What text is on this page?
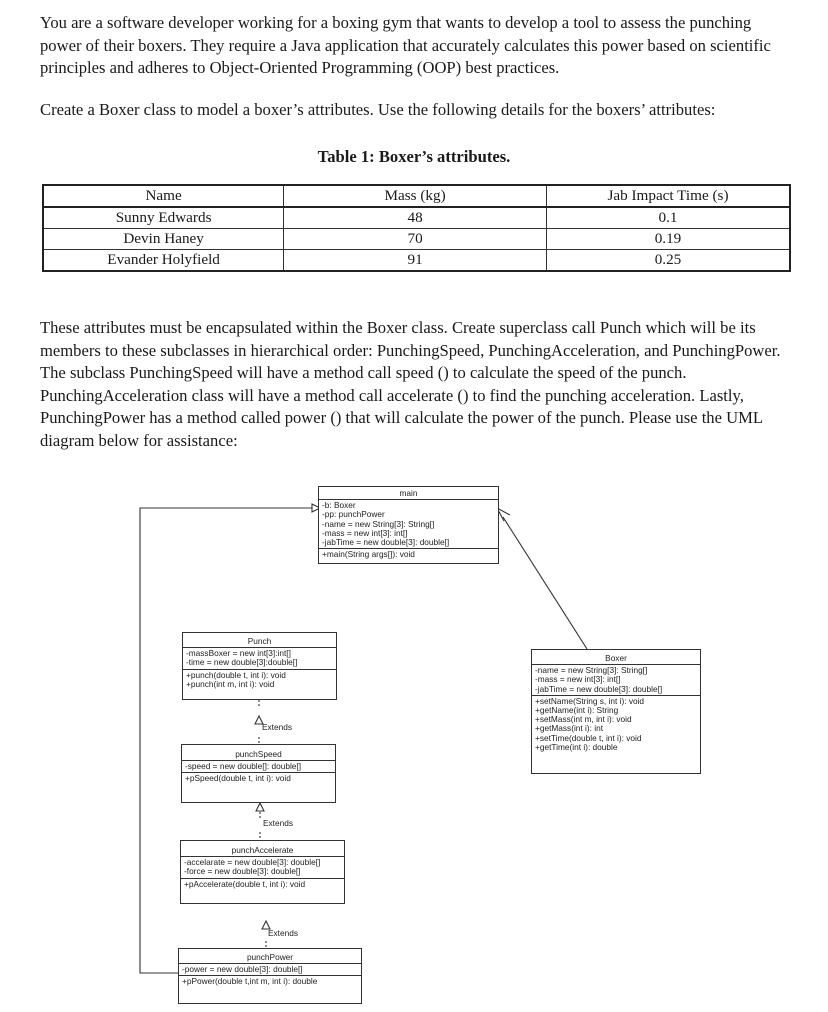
You are a software developer working for a boxing gym that wants to develop a tool to assess the punching power of their boxers. They require a Java application that accurately calculates this power based on scientific principles and adheres to Object-Oriented Programming (OOP) best practices.

Create a Boxer class to model a boxer’s attributes. Use the following details for the boxers’ attributes:

Table 1: Boxer’s attributes.
Name	Mass (kg)	Jab Impact Time (s)
Sunny Edwards	48	0.1
Devin Haney	70	0.19
Evander Holyfield	91	0.25

These attributes must be encapsulated within the Boxer class. Create superclass call Punch which will be its members to these subclasses in hierarchical order: PunchingSpeed, PunchingAcceleration, and PunchingPower. The subclass PunchingSpeed will have a method call speed () to calculate the speed of the punch. PunchingAcceleration class will have a method call accelerate () to find the punching acceleration. Lastly, PunchingPower has a method called power () that will calculate the power of the punch. Please use the UML diagram below for assistance:

main
-b: Boxer
-pp: punchPower
-name = new String[3]: String[]
-mass = new int[3]: int[]
-jabTime = new double[3]: double[]
+main(String args[]): void
Punch
-massBoxer = new int[3]:int[]
-time = new double[3]:double[]
+punch(double t, int i): void
+punch(int m, int i): void
Boxer
-name = new String[3]: String[]
-mass = new int[3]: int[]
-jabTime = new double[3]: double[]
+setName(String s, int i): void
+getName(int i): String
+setMass(int m, int i): void
+getMass(int i): int
+setTime(double t, int i): void
+getTime(int i): double
punchSpeed
-speed = new double[]: double[]
+pSpeed(double t, int i): void
punchAccelerate
-accelarate = new double[3]: double[]
-force = new double[3]: double[]
+pAccelerate(double t, int i): void
punchPower
-power = new double[3]: double[]
+pPower(double t,int m, int i): double
Extends
Extends
Extends
